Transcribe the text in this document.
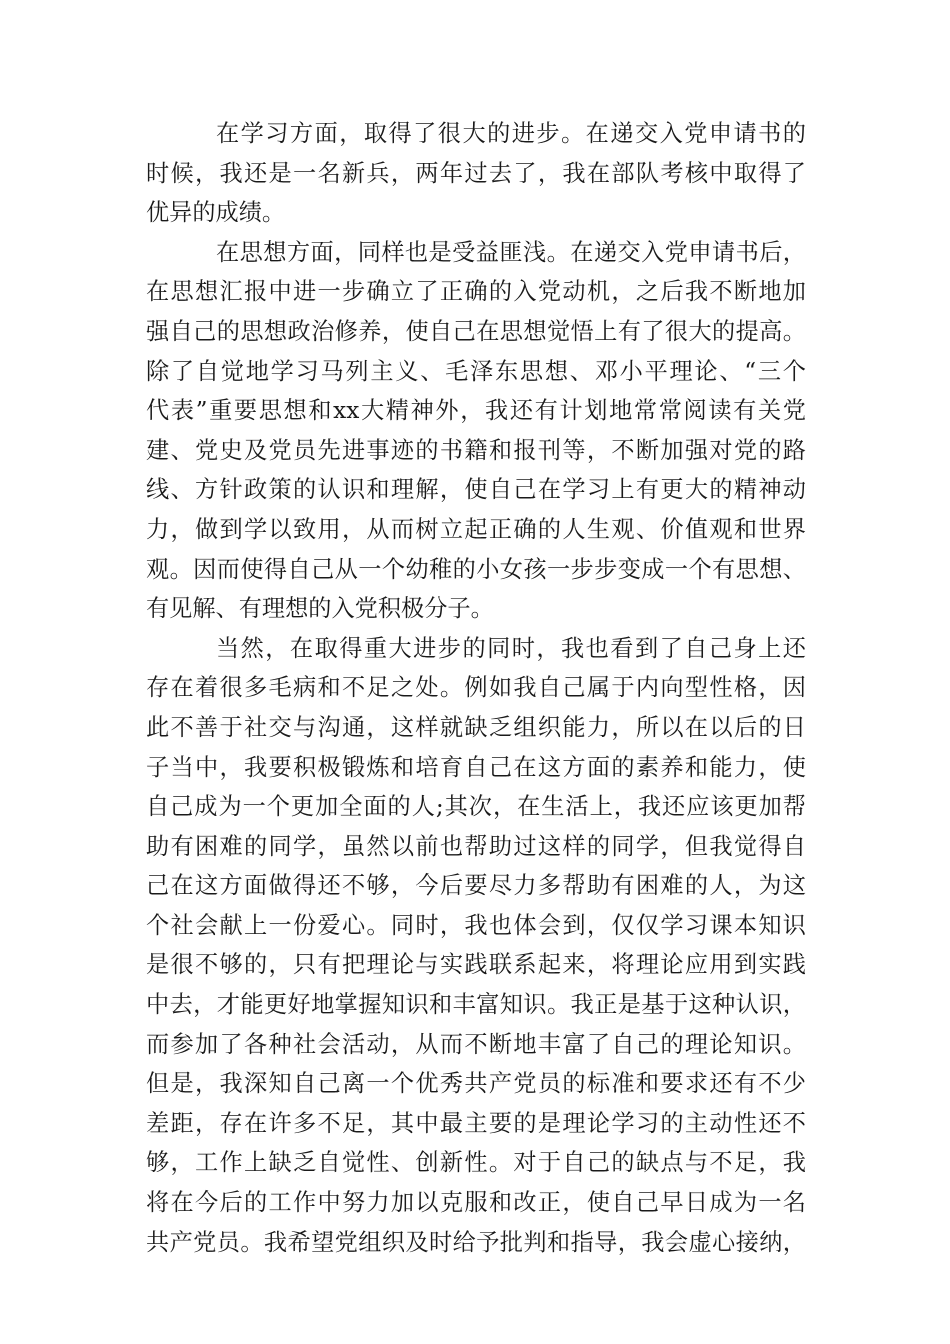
在学习方面，取得了很大的进步。在递交入党申请书的
时候，我还是一名新兵，两年过去了，我在部队考核中取得了
优异的成绩。
在思想方面，同样也是受益匪浅。在递交入党申请书后，
在思想汇报中进一步确立了正确的入党动机，之后我不断地加
强自己的思想政治修养，使自己在思想觉悟上有了很大的提高。
除了自觉地学习马列主义、毛泽东思想、邓小平理论、“三个
代表”重要思想和xx大精神外，我还有计划地常常阅读有关党
建、党史及党员先进事迹的书籍和报刊等，不断加强对党的路
线、方针政策的认识和理解，使自己在学习上有更大的精神动
力，做到学以致用，从而树立起正确的人生观、价值观和世界
观。因而使得自己从一个幼稚的小女孩一步步变成一个有思想、
有见解、有理想的入党积极分子。
当然，在取得重大进步的同时，我也看到了自己身上还
存在着很多毛病和不足之处。例如我自己属于内向型性格，因
此不善于社交与沟通，这样就缺乏组织能力，所以在以后的日
子当中，我要积极锻炼和培育自己在这方面的素养和能力，使
自己成为一个更加全面的人;其次，在生活上，我还应该更加帮
助有困难的同学，虽然以前也帮助过这样的同学，但我觉得自
己在这方面做得还不够，今后要尽力多帮助有困难的人，为这
个社会献上一份爱心。同时，我也体会到，仅仅学习课本知识
是很不够的，只有把理论与实践联系起来，将理论应用到实践
中去，才能更好地掌握知识和丰富知识。我正是基于这种认识，
而参加了各种社会活动，从而不断地丰富了自己的理论知识。
但是，我深知自己离一个优秀共产党员的标准和要求还有不少
差距，存在许多不足，其中最主要的是理论学习的主动性还不
够，工作上缺乏自觉性、创新性。对于自己的缺点与不足，我
将在今后的工作中努力加以克服和改正，使自己早日成为一名
共产党员。我希望党组织及时给予批判和指导，我会虚心接纳，
